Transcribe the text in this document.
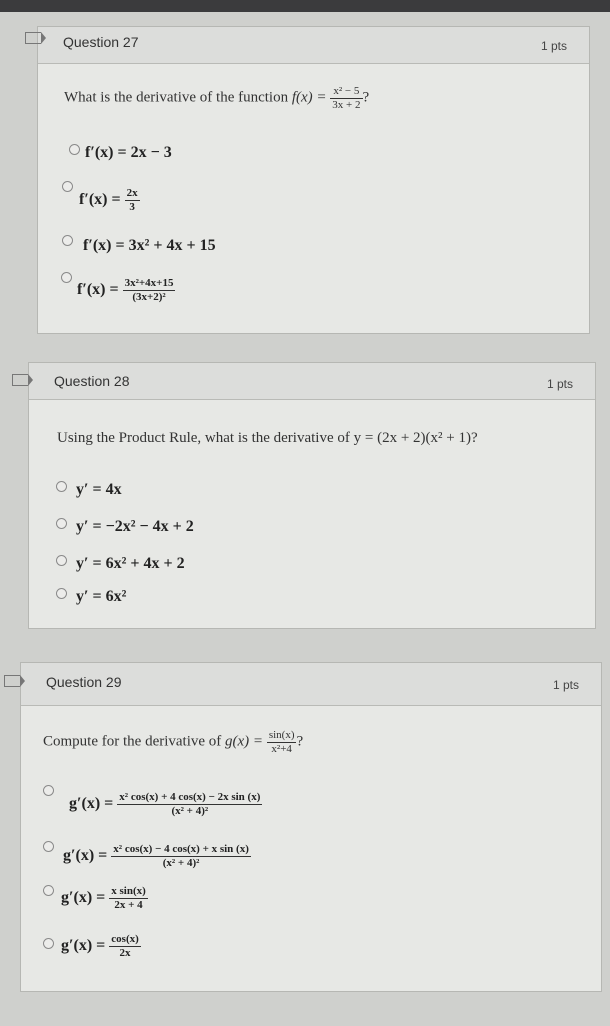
Question 27	1 pts
What is the derivative of the function $f(x) = \frac{\text{x² − 5}}{3x + 2}$ ?
f′(x) = 2x − 3
$f'(x) = \frac{2x}{3}$
f′(x) = 3x² + 4x + 15
$f'(x) = \frac{\text{3x²+4x+15}}{\text{(3x+2)²}}$
Question 28	1 pts
Using the Product Rule, what is the derivative of y = (2x + 2)(x² + 1)?
y′ = 4x
y′ = −2x² − 4x + 2
y′ = 6x² + 4x + 2
y′ = 6x²
Question 29	1 pts
Compute for the derivative of $g(x) = \frac{\sin(x)}{\text{x²+4}}$ ?
$g'(x) = \frac{\text{x² cos(x) + 4 cos(x) − 2x sin (x)}}{\text{(x² + 4)²}}$
$g'(x) = \frac{\text{x² cos(x) − 4 cos(x) + x sin (x)}}{\text{(x² + 4)²}}$
$g'(x) = \frac{\text{x sin(x)}}{2x + 4}$
$g'(x) = \frac{\cos(x)}{2x}$
